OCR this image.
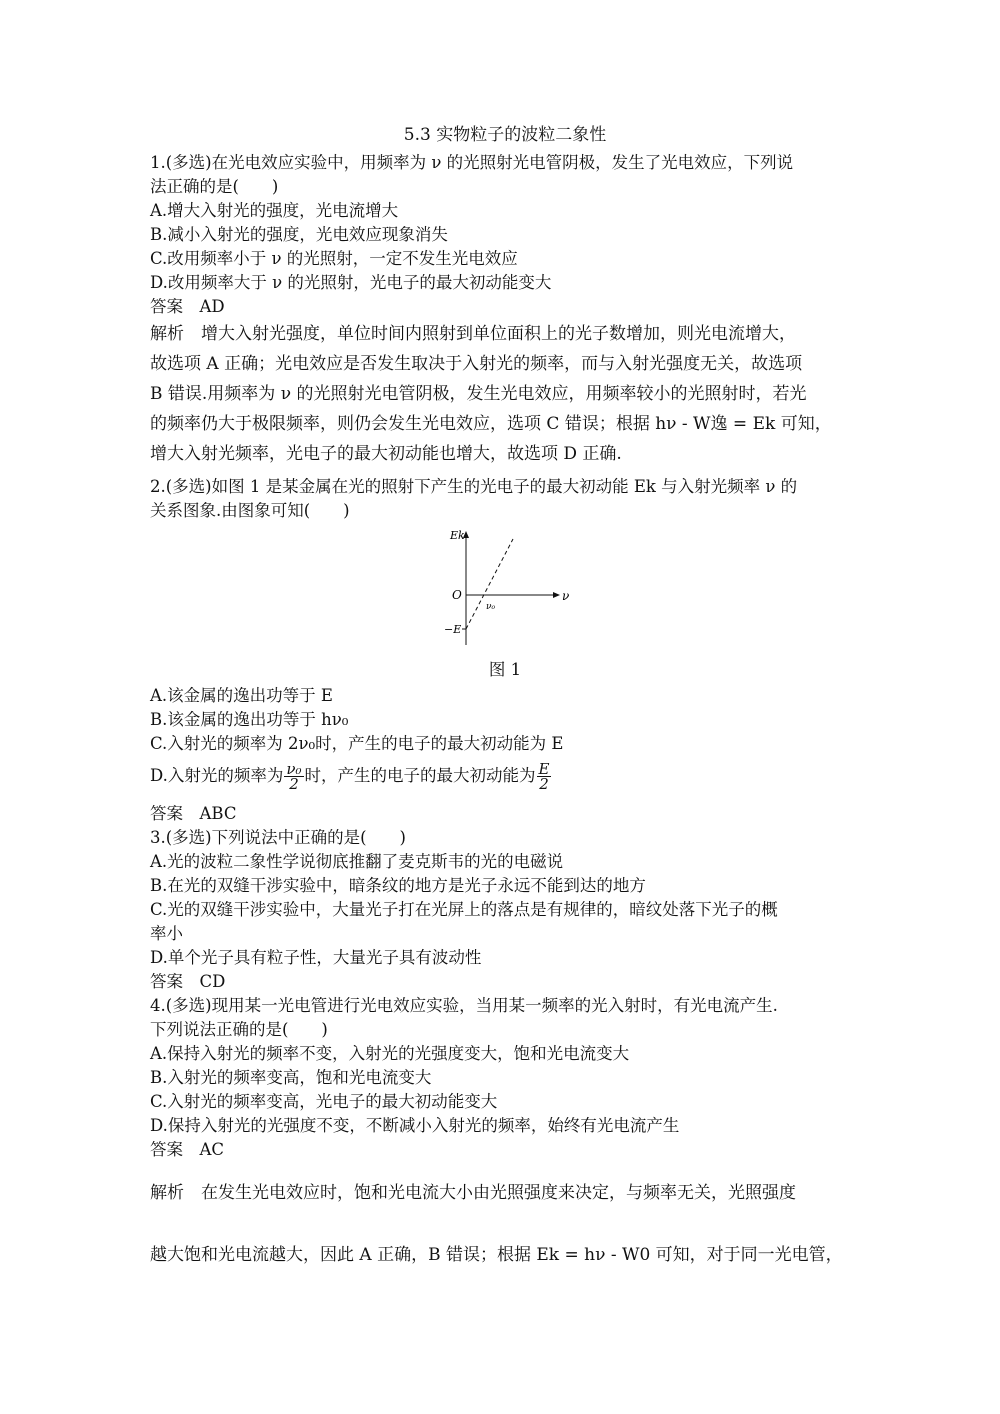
5.3 实物粒子的波粒二象性
1.(多选)在光电效应实验中，用频率为 ν 的光照射光电管阴极，发生了光电效应，下列说
法正确的是(　　)
A.增大入射光的强度，光电流增大
B.减小入射光的强度，光电效应现象消失
C.改用频率小于 ν 的光照射，一定不发生光电效应
D.改用频率大于 ν 的光照射，光电子的最大初动能变大
答案　AD
解析　增大入射光强度，单位时间内照射到单位面积上的光子数增加，则光电流增大，
故选项 A 正确；光电效应是否发生取决于入射光的频率，而与入射光强度无关，故选项
B 错误.用频率为 ν 的光照射光电管阴极，发生光电效应，用频率较小的光照射时，若光
的频率仍大于极限频率，则仍会发生光电效应，选项 C 错误；根据 hν - W逸 = Ek 可知，
增大入射光频率，光电子的最大初动能也增大，故选项 D 正确.
2.(多选)如图 1 是某金属在光的照射下产生的光电子的最大初动能 Ek 与入射光频率 ν 的
关系图象.由图象可知(　　)
Ek
ν
O
ν₀
−E
图 1
A.该金属的逸出功等于 E
B.该金属的逸出功等于 hν₀
C.入射光的频率为 2ν₀时，产生的电子的最大初动能为 E
D.入射光的频率为 $\frac{\text{ν₀}}{2}$ 时，产生的电子的最大初动能为 $\frac{E}{2}$
答案　ABC
3.(多选)下列说法中正确的是(　　)
A.光的波粒二象性学说彻底推翻了麦克斯韦的光的电磁说
B.在光的双缝干涉实验中，暗条纹的地方是光子永远不能到达的地方
C.光的双缝干涉实验中，大量光子打在光屏上的落点是有规律的，暗纹处落下光子的概
率小
D.单个光子具有粒子性，大量光子具有波动性
答案　CD
4.(多选)现用某一光电管进行光电效应实验，当用某一频率的光入射时，有光电流产生.
下列说法正确的是(　　)
A.保持入射光的频率不变，入射光的光强度变大，饱和光电流变大
B.入射光的频率变高，饱和光电流变大
C.入射光的频率变高，光电子的最大初动能变大
D.保持入射光的光强度不变，不断减小入射光的频率，始终有光电流产生
答案　AC
解析　在发生光电效应时，饱和光电流大小由光照强度来决定，与频率无关，光照强度
越大饱和光电流越大，因此 A 正确，B 错误；根据 Ek = hν - W0 可知，对于同一光电管，
